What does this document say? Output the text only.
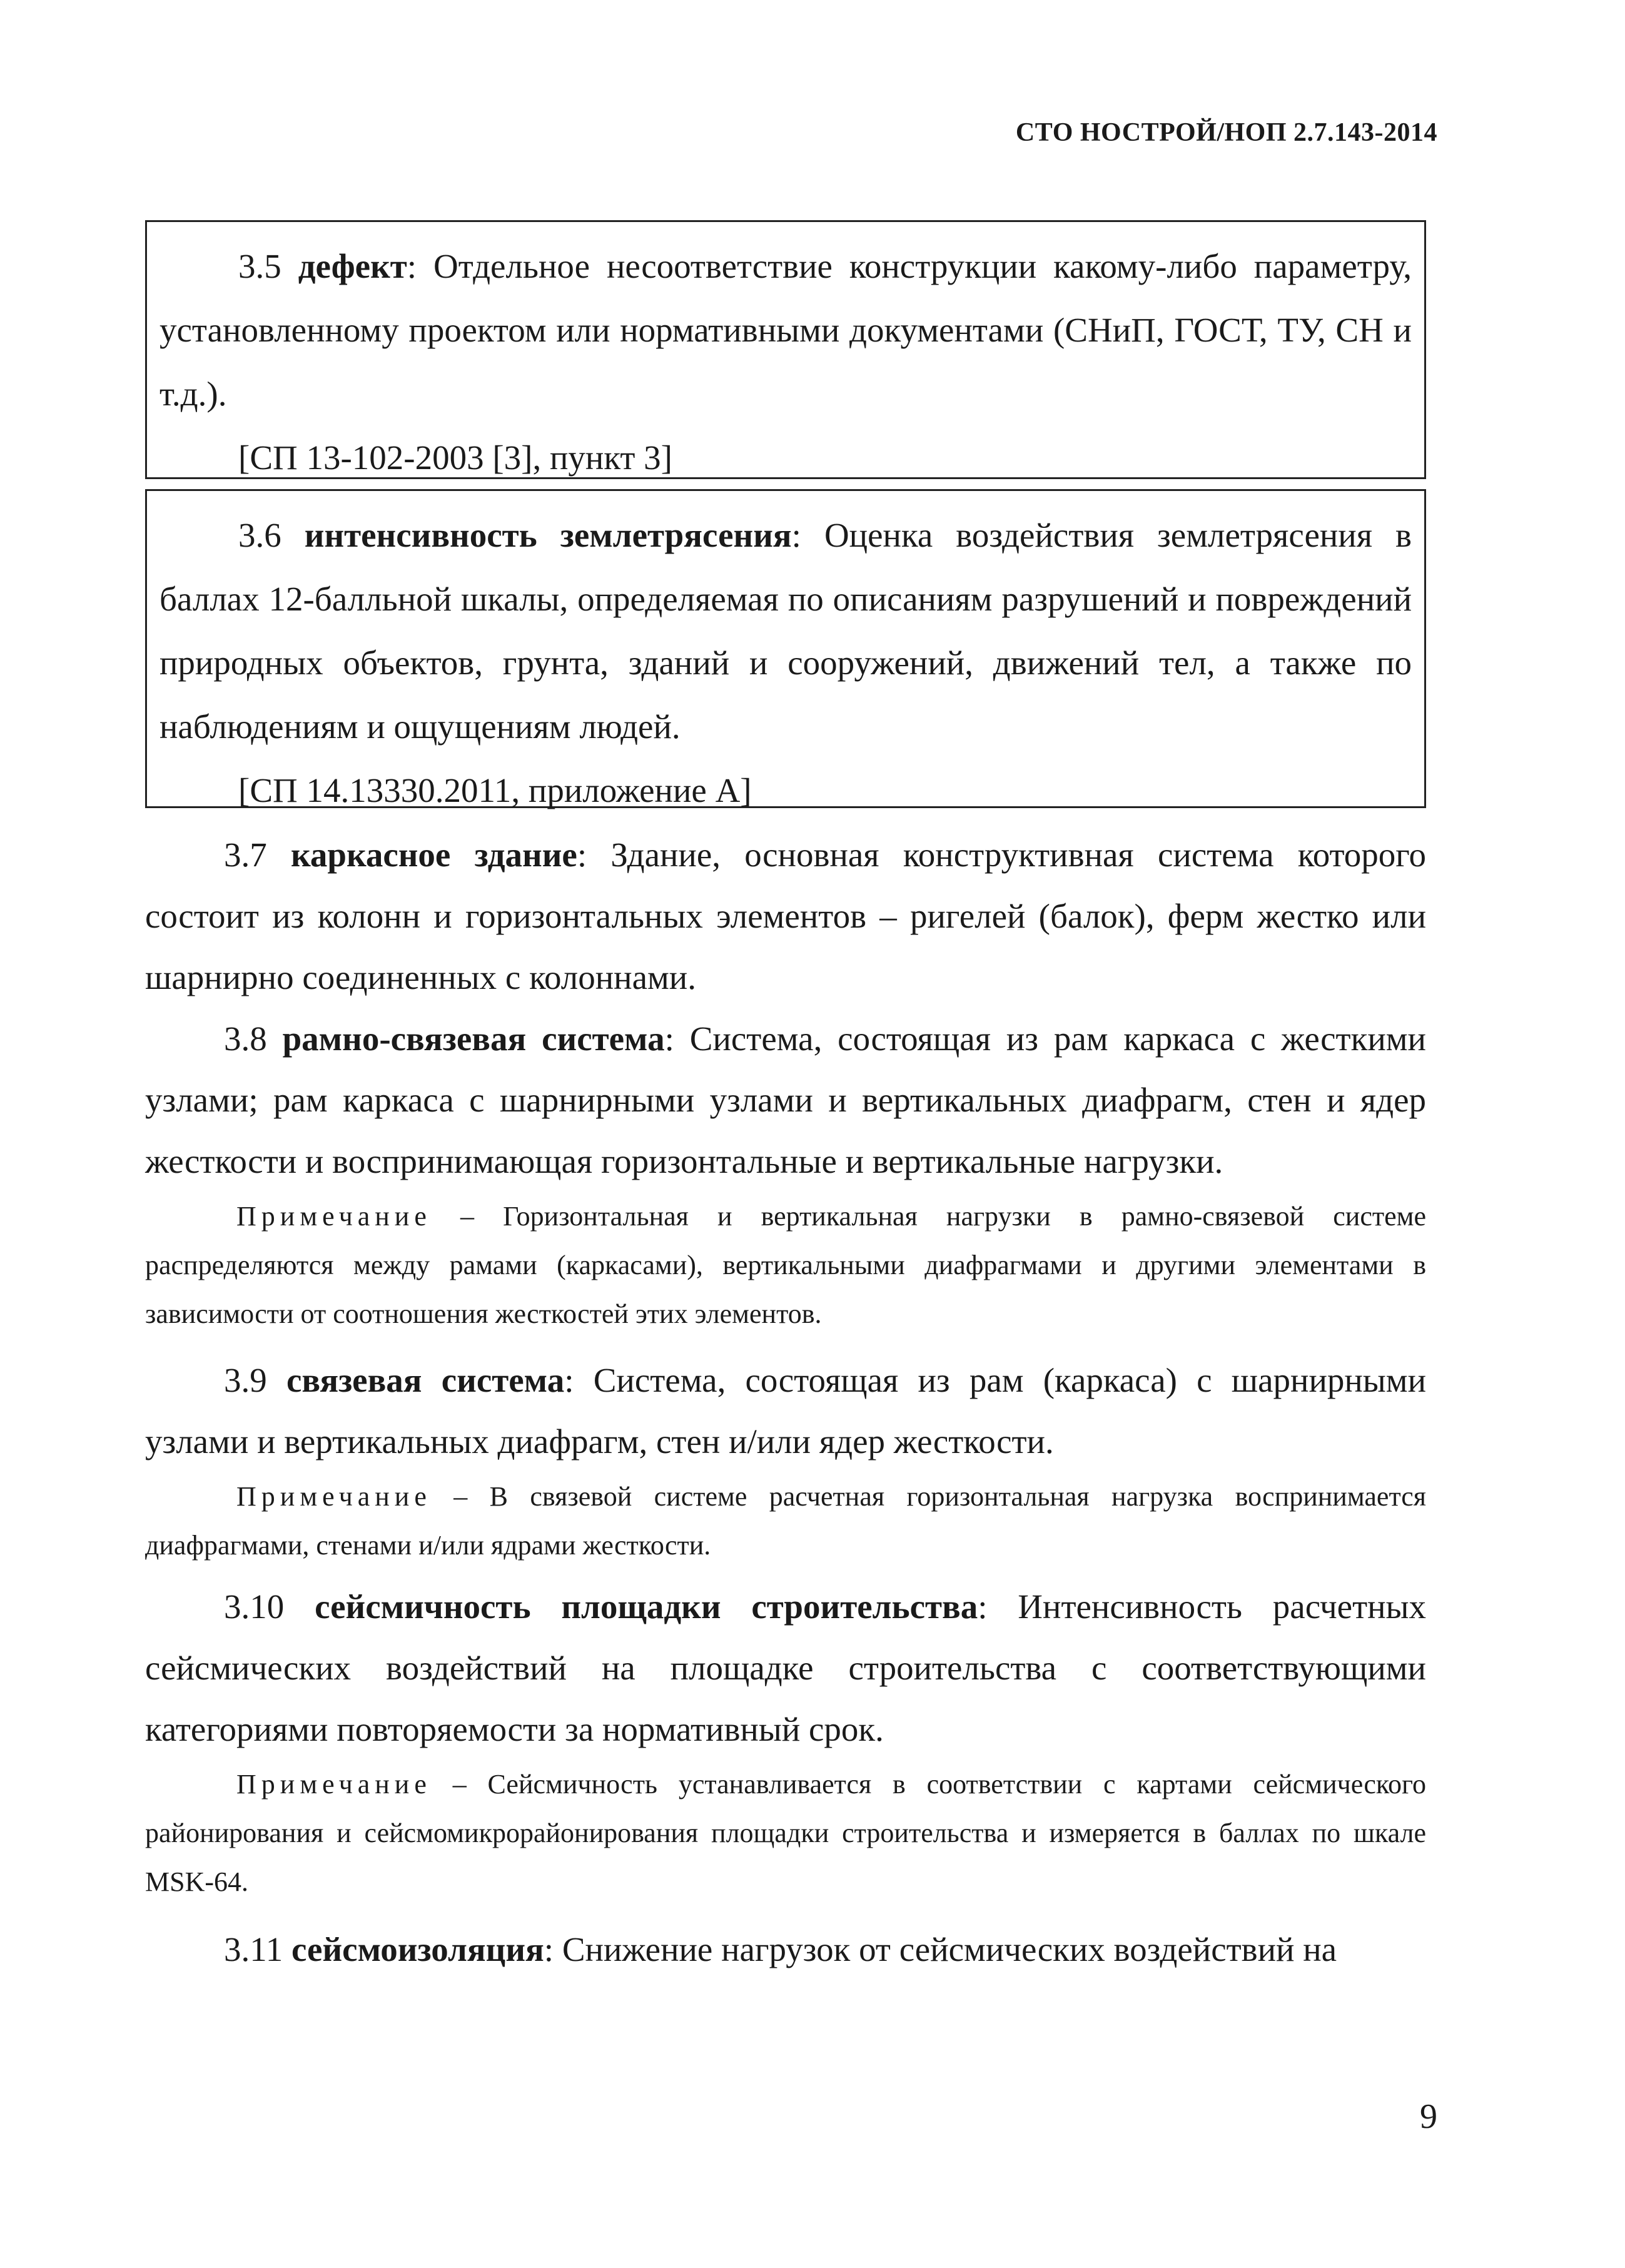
СТО НОСТРОЙ/НОП 2.7.143-2014

3.5 дефект: Отдельное несоответствие конструкции какому-либо параметру, установленному проектом или нормативными документами (СНиП, ГОСТ, ТУ, СН и т.д.).

[СП 13-102-2003 [3], пункт 3]

3.6 интенсивность землетрясения: Оценка воздействия землетрясения в баллах 12-балльной шкалы, определяемая по описаниям разрушений и повреждений природных объектов, грунта, зданий и сооружений, движений тел, а также по наблюдениям и ощущениям людей.

[СП 14.13330.2011, приложение А]

3.7 каркасное здание: Здание, основная конструктивная система которого состоит из колонн и горизонтальных элементов – ригелей (балок), ферм жестко или шарнирно соединенных с колоннами.

3.8 рамно-связевая система: Система, состоящая из рам каркаса с жесткими узлами; рам каркаса с шарнирными узлами и вертикальных диафрагм, стен и ядер жесткости и воспринимающая горизонтальные и вертикальные нагрузки.

Примечание – Горизонтальная и вертикальная нагрузки в рамно-связевой системе распределяются между рамами (каркасами), вертикальными диафрагмами и другими элементами в зависимости от соотношения жесткостей этих элементов.

3.9 связевая система: Система, состоящая из рам (каркаса) с шарнирными узлами и вертикальных диафрагм, стен и/или ядер жесткости.

Примечание – В связевой системе расчетная горизонтальная нагрузка воспринимается диафрагмами, стенами и/или ядрами жесткости.

3.10 сейсмичность площадки строительства: Интенсивность расчетных сейсмических воздействий на площадке строительства с соответствующими категориями повторяемости за нормативный срок.

Примечание – Сейсмичность устанавливается в соответствии с картами сейсмического районирования и сейсмомикрорайонирования площадки строительства и измеряется в баллах по шкале MSK-64.

3.11 сейсмоизоляция: Снижение нагрузок от сейсмических воздействий на

9
